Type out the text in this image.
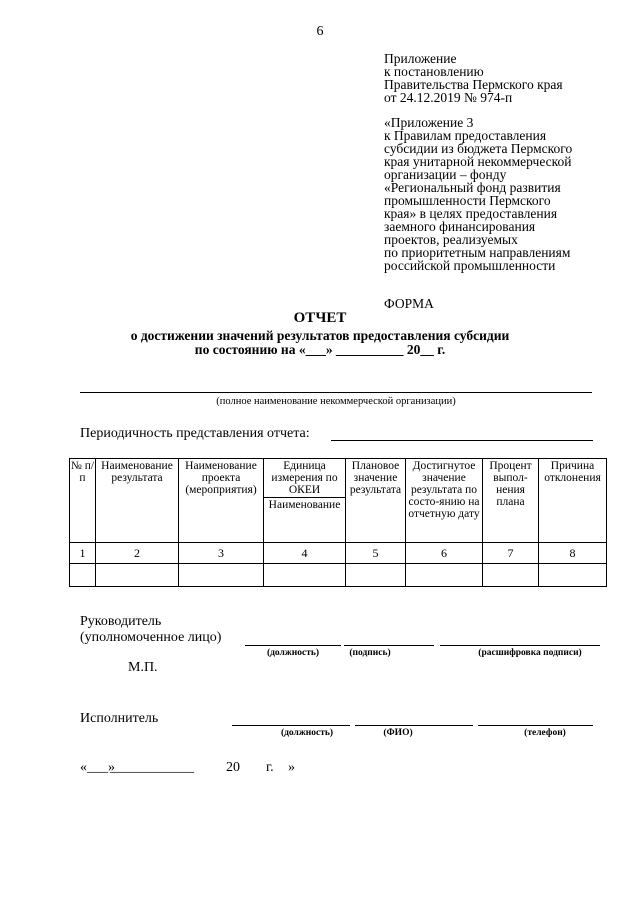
6
Приложение
к постановлению
Правительства Пермского края
от 24.12.2019 № 974-п
«Приложение 3
к Правилам предоставления
субсидии из бюджета Пермского
края унитарной некоммерческой
организации – фонду
«Региональный фонд развития
промышленности Пермского
края» в целях предоставления
заемного финансирования
проектов, реализуемых
по приоритетным направлениям
российской промышленности
ФОРМА
ОТЧЕТ
о достижении значений результатов предоставления субсидии
по состоянию на «___» __________ 20__ г.
(полное наименование некоммерческой организации)
Периодичность представления отчета:
№ п/п	Наименование результата	Наименование проекта (мероприятия)	Единица измерения по ОКЕИ	Плановое значение результата	Достигнутое значение результата по состо-янию на отчетную дату	Процент выпол-нения плана	Причина отклонения
			Наименование				
1	2	3	4	5	6	7	8

Руководитель
(уполномоченное лицо)
(должность)	(подпись)	(расшифровка подписи)
М.П.
Исполнитель
(должность)	(ФИО)	(телефон)
«___»
____________ 20 г. »
